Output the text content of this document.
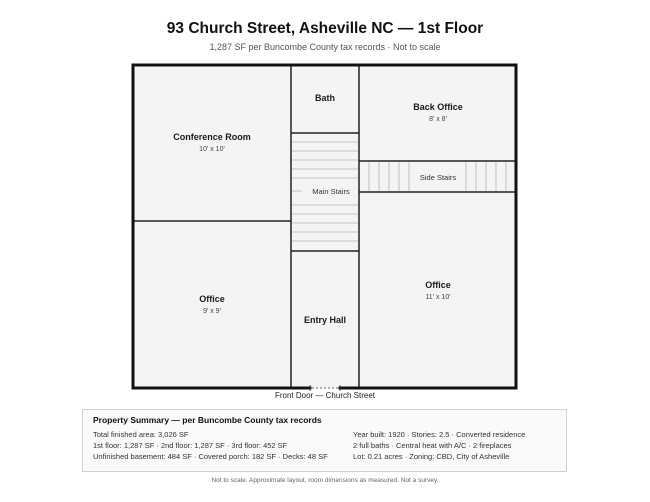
93 Church Street, Asheville NC — 1st Floor
1,287 SF per Buncombe County tax records · Not to scale
Conference Room
10' x 10'
Bath
Back Office
8' x 8'
Main Stairs
Side Stairs
Office
9' x 9'
Entry Hall
Office
11' x 10'
Front Door — Church Street
Property Summary — per Buncombe County tax records
Total finished area: 3,026 SF
1st floor: 1,287 SF · 2nd floor: 1,287 SF · 3rd floor: 452 SF
Unfinished basement: 484 SF · Covered porch: 182 SF · Decks: 48 SF
Year built: 1920 · Stories: 2.5 · Converted residence
2 full baths · Central heat with A/C · 2 fireplaces
Lot: 0.21 acres · Zoning: CBD, City of Asheville
Not to scale. Approximate layout, room dimensions as measured. Not a survey.
